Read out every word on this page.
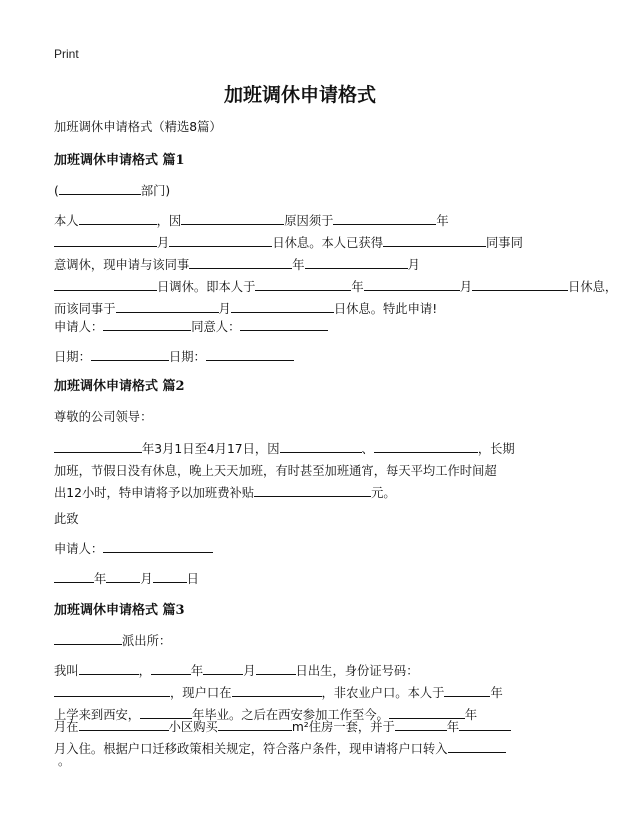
Print
加班调休申请格式
加班调休申请格式（精选8篇）
加班调休申请格式 篇1
(	部门)
本人	，因	原因须于	年
月	日休息。本人已获得	同事同
意调休，现申请与该同事	年	月
日调休。即本人于	年	月	日休息，
而该同事于	月	日休息。特此申请!
申请人：	同意人：
日期：	日期：
加班调休申请格式 篇2
尊敬的公司领导：
年3月1日至4月17日，因	、	，长期
加班，节假日没有休息，晚上天天加班，有时甚至加班通宵，每天平均工作时间超
出12小时，特申请将予以加班费补贴	元。
此致
申请人：
年	月	日
加班调休申请格式 篇3
派出所：
我叫	，	年	月	日出生，身份证号码：
，现户口在	，非农业户口。本人于	年
上学来到西安，	年毕业。之后在西安参加工作至今。	年
月在	小区购买	m²住房一套，并于	年
月入住。根据户口迁移政策相关规定，符合落户条件，现申请将户口转入
。
